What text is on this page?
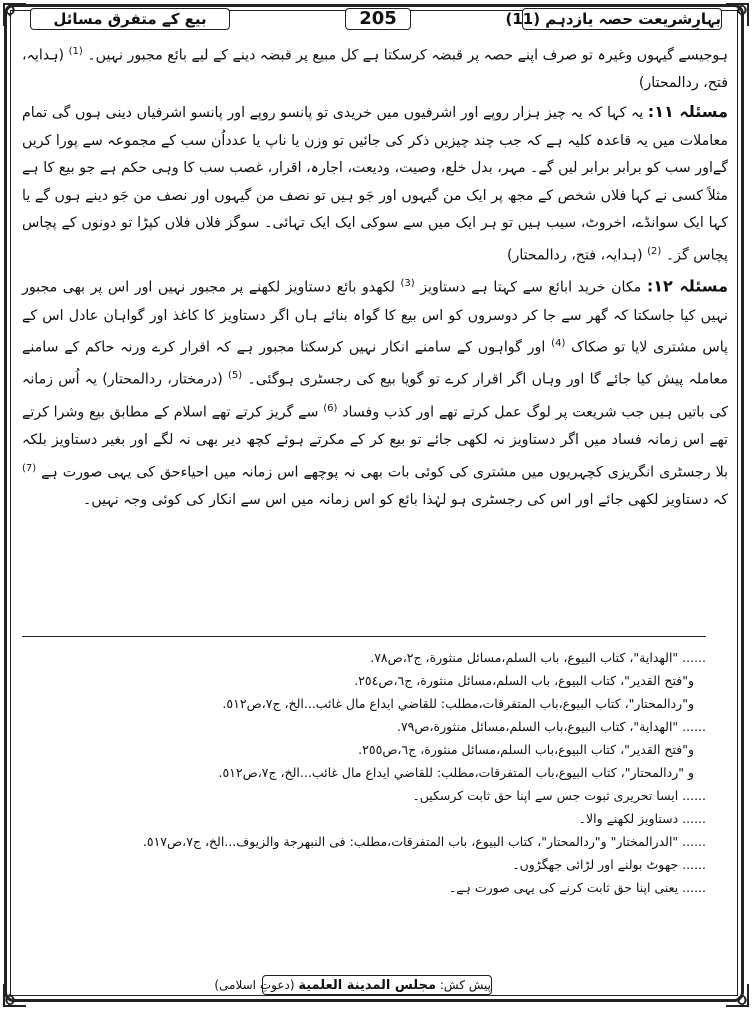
بہارِشریعت حصہ یازدہم (11)
205
بیع کے متفرق مسائل

ہوجیسے گیہوں وغیرہ تو صرف اپنے حصہ پر قبضہ کرسکتا ہے کل مبیع پر قبضہ دینے کے لیے بائع مجبور نہیں۔ $^{(1)}$ (ہدایہ، فتح، ردالمحتار)

مسئلہ ۱۱: یہ کہا کہ یہ چیز ہزار روپے اور اشرفیوں میں خریدی تو پانسو روپے اور پانسو اشرفیاں دینی ہوں گی تمام معاملات میں یہ قاعدہ کلیہ ہے کہ جب چند چیزیں ذکر کی جائیں تو وزن یا ناپ یا عدداُن سب کے مجموعہ سے پورا کریں گےاور سب کو برابر برابر لیں گے۔ مہر، بدل خلع، وصیت، ودیعت، اجارہ، اقرار، غصب سب کا وہی حکم ہے جو بیع کا ہے مثلاً کسی نے کہا فلاں شخص کے مجھ پر ایک من گیہوں اور جَو ہیں تو نصف من گیہوں اور نصف من جَو دینے ہوں گے یا کہا ایک سوانڈے، اخروٹ، سیب ہیں تو ہر ایک میں سے سوکی ایک ایک تہائی۔ سوگز فلاں فلاں کپڑا تو دونوں کے پچاس پچاس گز۔ $^{(2)}$ (ہدایہ، فتح، ردالمحتار)

مسئلہ ۱۲: مکان خرید ابائع سے کہتا ہے دستاویز $^{(3)}$ لکھدو بائع دستاویز لکھنے پر مجبور نہیں اور اس پر بھی مجبور نہیں کیا جاسکتا کہ گھر سے جا کر دوسروں کو اس بیع کا گواہ بنائے ہاں اگر دستاویز کا کاغذ اور گواہان عادل اس کے پاس مشتری لایا تو صکاک $^{(4)}$ اور گواہوں کے سامنے انکار نہیں کرسکتا مجبور ہے کہ اقرار کرے ورنہ حاکم کے سامنے معاملہ پیش کیا جائے گا اور وہاں اگر اقرار کرے تو گویا بیع کی رجسٹری ہوگئی۔ $^{(5)}$ (درمختار، ردالمحتار) یہ اُس زمانہ کی باتیں ہیں جب شریعت پر لوگ عمل کرتے تھے اور کذب وفساد $^{(6)}$ سے گریز کرتے تھے اسلام کے مطابق بیع وشرا کرتے تھے اس زمانہ فساد میں اگر دستاویز نہ لکھی جائے تو بیع کر کے مکرتے ہوئے کچھ دیر بھی نہ لگے اور بغیر دستاویز بلکہ بلا رجسٹری انگریزی کچہریوں میں مشتری کی کوئی بات بھی نہ پوچھے اس زمانہ میں احیاءحق کی یہی صورت ہے $^{(7)}$ کہ دستاویز لکھی جائے اور اس کی رجسٹری ہو لہٰذا بائع کو اس زمانہ میں اس سے انکار کی کوئی وجہ نہیں۔

...... "الهداية"، كتاب البيوع، باب السلم،مسائل منثورة، ج٢،ص٧٨.
و"فتح القدير"، كتاب البيوع، باب السلم،مسائل منثورة، ج٦،ص٢٥٤.
و"ردالمحتار"، كتاب البيوع،باب المتفرقات،مطلب: للقاضي ايداع مال غائب...الخ، ج٧،ص٥١٢.
...... "الهداية"، كتاب البيوع،باب السلم،مسائل منثورة،ص٧٩.
و"فتح القدير"، كتاب البيوع،باب السلم،مسائل منثورة، ج٦،ص٢٥٥.
و "ردالمحتار"، كتاب البيوع،باب المتفرقات،مطلب: للقاضي ايداع مال غائب...الخ، ج٧،ص٥١٢.
...... ایسا تحریری ثبوت جس سے اپنا حق ثابت کرسکیں۔
...... دستاویز لکھنے والا۔
...... "الدرالمختار" و"ردالمحتار"، كتاب البيوع، باب المتفرقات،مطلب: فى النبهرجة والزيوف...الخ، ج٧،ص٥١٧.
...... جھوٹ بولنے اور لڑائی جھگڑوں۔
...... یعنی اپنا حق ثابت کرنے کی یہی صورت ہے۔
پیش کش: مجلس المدينة العلمية (دعوتِ اسلامی)
